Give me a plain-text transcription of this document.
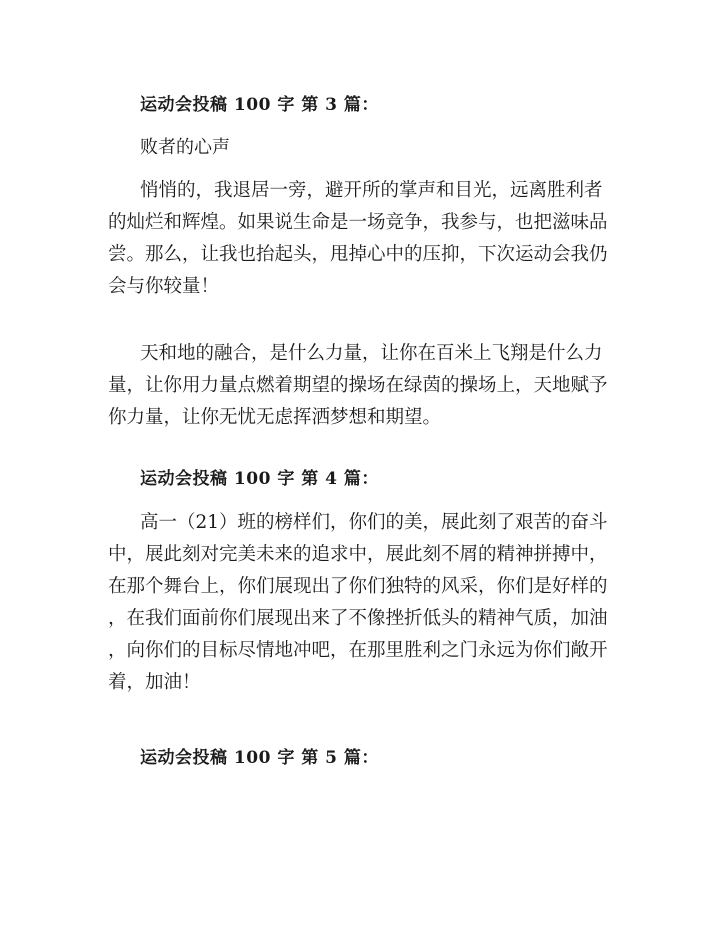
运动会投稿 100 字 第 3 篇：
败者的心声
悄悄的，我退居一旁，避开所的掌声和目光，远离胜利者
的灿烂和辉煌。如果说生命是一场竞争，我参与，也把滋味品
尝。那么，让我也抬起头，甩掉心中的压抑，下次运动会我仍
会与你较量！
天和地的融合，是什么力量，让你在百米上飞翔是什么力
量，让你用力量点燃着期望的操场在绿茵的操场上，天地赋予
你力量，让你无忧无虑挥洒梦想和期望。
运动会投稿 100 字 第 4 篇：
高一（21）班的榜样们，你们的美，展此刻了艰苦的奋斗
中，展此刻对完美未来的追求中，展此刻不屑的精神拼搏中，
在那个舞台上，你们展现出了你们独特的风采，你们是好样的
，在我们面前你们展现出来了不像挫折低头的精神气质，加油
，向你们的目标尽情地冲吧，在那里胜利之门永远为你们敞开
着，加油！
运动会投稿 100 字 第 5 篇：
